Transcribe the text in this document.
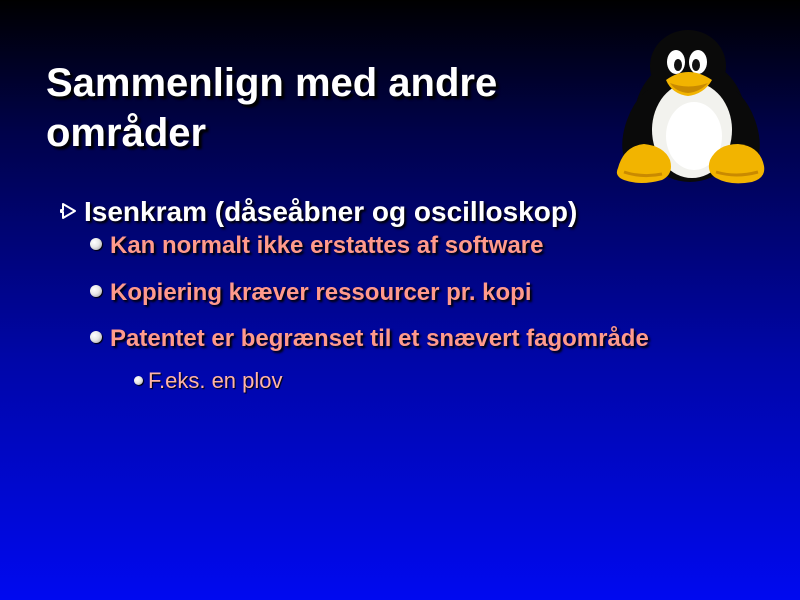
Sammenlign med andre
områder
Isenkram (dåseåbner og oscilloskop)
Kan normalt ikke erstattes af software
Kopiering kræver ressourcer pr. kopi
Patentet er begrænset til et snævert fagområde
F.eks. en plov
